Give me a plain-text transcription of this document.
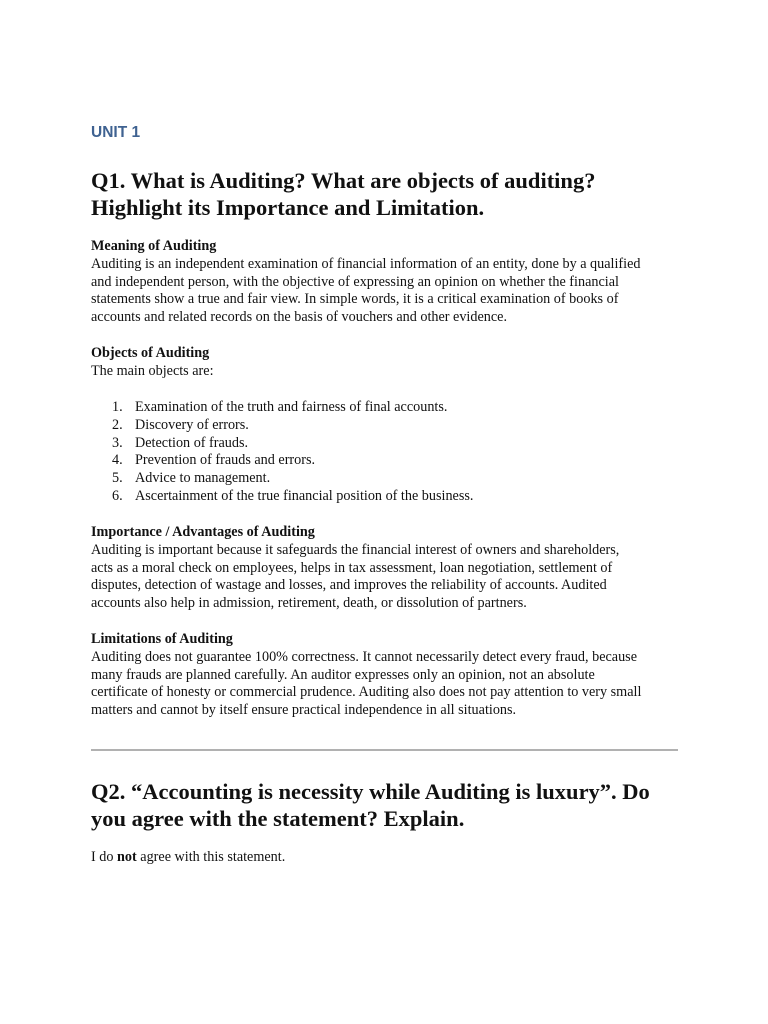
UNIT 1
Q1. What is Auditing? What are objects of auditing?
Highlight its Importance and Limitation.

Meaning of Auditing

Auditing is an independent examination of financial information of an entity, done by a qualified

and independent person, with the objective of expressing an opinion on whether the financial

statements show a true and fair view. In simple words, it is a critical examination of books of

accounts and related records on the basis of vouchers and other evidence.

Objects of Auditing

The main objects are:

1. Examination of the truth and fairness of final accounts.
2. Discovery of errors.
3. Detection of frauds.
4. Prevention of frauds and errors.
5. Advice to management.
6. Ascertainment of the true financial position of the business.

Importance / Advantages of Auditing

Auditing is important because it safeguards the financial interest of owners and shareholders,

acts as a moral check on employees, helps in tax assessment, loan negotiation, settlement of

disputes, detection of wastage and losses, and improves the reliability of accounts. Audited

accounts also help in admission, retirement, death, or dissolution of partners.

Limitations of Auditing

Auditing does not guarantee 100% correctness. It cannot necessarily detect every fraud, because

many frauds are planned carefully. An auditor expresses only an opinion, not an absolute

certificate of honesty or commercial prudence. Auditing also does not pay attention to very small

matters and cannot by itself ensure practical independence in all situations.

Q2. “Accounting is necessity while Auditing is luxury”. Do
you agree with the statement? Explain.

I do not agree with this statement.
